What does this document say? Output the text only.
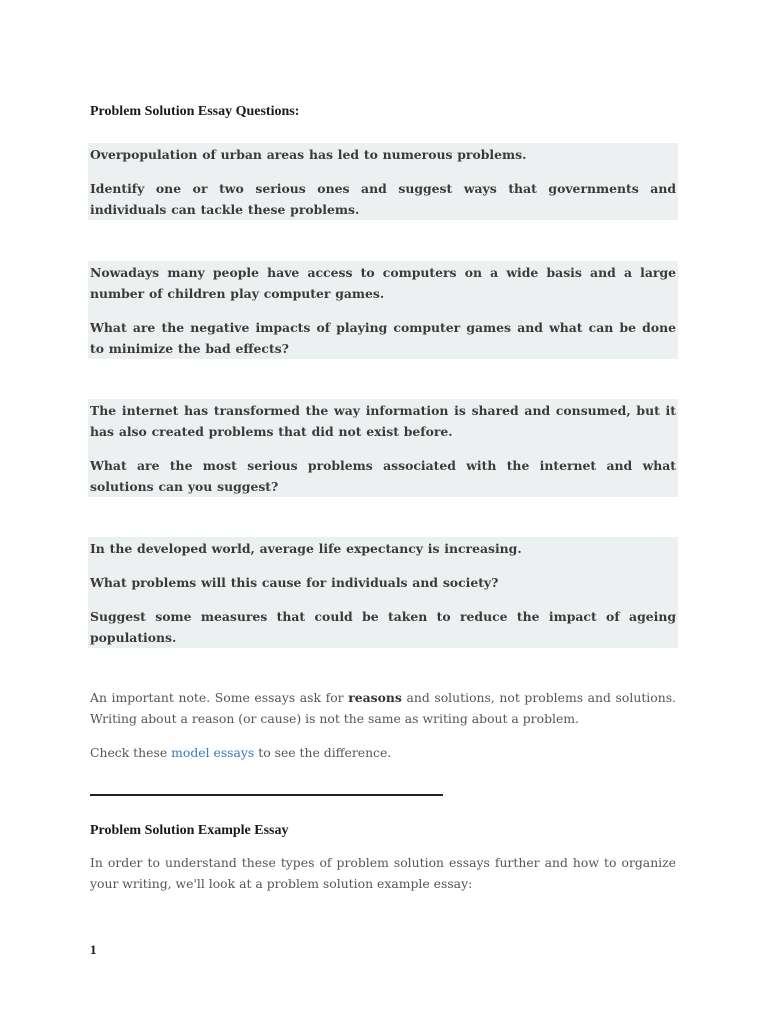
Problem Solution Essay Questions:

Overpopulation of urban areas has led to numerous problems.

Identify one or two serious ones and suggest ways that governments and individuals can tackle these problems.

Nowadays many people have access to computers on a wide basis and a large number of children play computer games.

What are the negative impacts of playing computer games and what can be done to minimize the bad effects?

The internet has transformed the way information is shared and consumed, but it has also created problems that did not exist before.

What are the most serious problems associated with the internet and what solutions can you suggest?

In the developed world, average life expectancy is increasing.

What problems will this cause for individuals and society?

Suggest some measures that could be taken to reduce the impact of ageing populations.

An important note. Some essays ask for reasons and solutions, not problems and solutions. Writing about a reason (or cause) is not the same as writing about a problem.

Check these model essays to see the difference.

Problem Solution Example Essay

In order to understand these types of problem solution essays further and how to organize your writing, we'll look at a problem solution example essay:

1
